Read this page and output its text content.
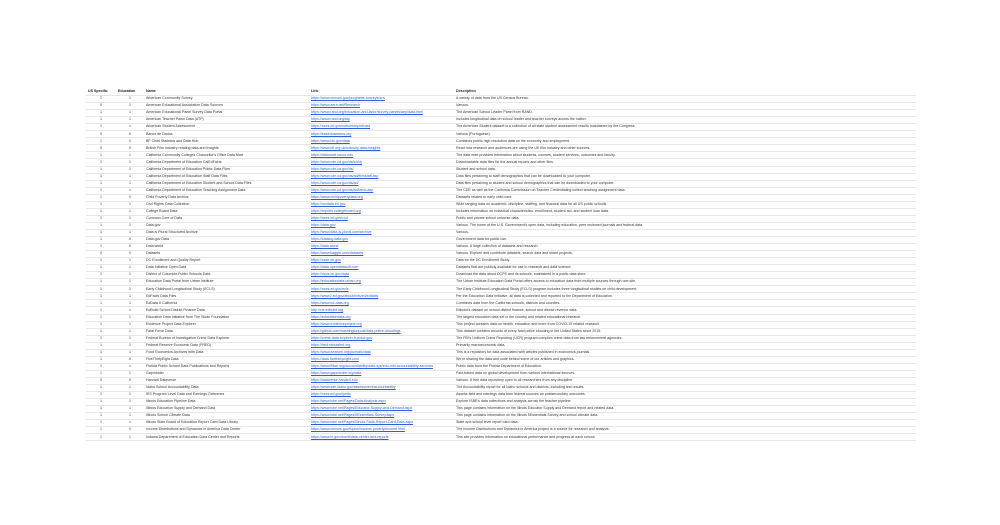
US Specific	Education	Name	Link	Description
1	1	American Community Survey	https://www.census.gov/programs-surveys/acs	A variety of data from the US Census Bureau.
0	1	American Educational Association Data Sources	https://www.aera.net/Research	Various.
1	1	American Educational Panel Survey Data Portal	https://www.rand.org/education-and-labor/survey-panels/aep/data.html	The American School Leader Panel from RAND.
1	1	American Teacher Panel Data (ATP)	https://www.rand.org/atp	Includes longitudinal data on school leader and teacher surveys across the nation.
1	1	American Student Assessment	https://nces.ed.gov/nationsreportcard	The American Student dataset is a collection of all state student assessment results maintained by the Congress.
0	0	Banco de Dados	https://basedosdados.org	Various (Portuguese).
1	0	BF Child Statistics and Data Hub	https://www.bls.gov/data	Combines public high resolution data on the economy and employment.
0	0	British Film Industry reading data and insights	https://www.bfi.org.uk/industry-data-insights	Read how research and audiences are using the UK film industry and other sources.
1	1	California Community Colleges Chancellor's Office Data Mart	https://datamart.cccco.edu	The data mart provides information about students, courses, student services, outcomes and faculty.
1	1	California Department of Education CalEdFacts	https://www.cde.ca.gov/ds/sd/cb	Downloadable data files for the annual reports and other files.
1	1	California Department of Education Public Data Files	https://www.cde.ca.gov/ds/	Student and school data.
1	1	California Department of Education Staff Data Files	https://www.cde.ca.gov/ds/ad/filesstaff.asp	Data files pertaining to staff demographics that can be downloaded to your computer.
1	1	California Department of Education Student and School Data Files	https://www.cde.ca.gov/ds/ad/	Data files pertaining to student and school demographics that can be downloaded to your computer.
1	1	California Department of Education Teaching Assignment Data	https://www.cde.ca.gov/ds/ad/tamo.asp	The CDE as well as the California Commission on Teacher Credentialing collect teaching assignment data.
1	0	Child Poverty Data Archive	https://www.childpovertydata.org	Datasets related to early child care.
1	1	Civil Rights Data Collection	https://ocrdata.ed.gov	Wide ranging data on academic, discipline, staffing, and financial data for all US public schools.
1	1	College Board Data	https://reports.collegeboard.org	Includes information on individual characteristics, enrollment, student aid, and student loan data.
1	1	Common Core of Data	https://nces.ed.gov/ccd	Public and private school universe data.
1	1	Data.gov	https://data.gov	Various. The home of the U.S. Government's open data, including education, peer reviewed journals and federal data.
1	1	Data is Plural Structured Archive	https://www.data-is-plural.com/archive	Various.
1	0	Data.gov Data	https://catalog.data.gov	Government data for public use.
1	0	Data.world	https://data.world	Various. A large collection of datasets and research.
0	0	Datasets	https://www.kaggle.com/datasets	Various. Explore and contribute datasets, search data and share projects.
1	1	DC Enrollment and Quality Report	https://osse.dc.gov	Data for the DC Enrollment Study.
1	1	Data Initiative Open Data	https://data.opendatasoft.com	Datasets that are publicly available for use in research and data science.
1	1	District of Columbia Public Schools Data	https://dcps.dc.gov/data	Download the data about DCPS and its schools, maintained in a public data store.
1	1	Education Data Portal from Urban Institute	https://educationdata.urban.org	The Urban Institute Education Data Portal offers access to education data from multiple sources through one site.
1	1	Early Childhood Longitudinal Study (ECLS)	https://nces.ed.gov/ecls	The Early Childhood Longitudinal Study (ECLS) program includes three longitudinal studies on child development.
1	1	EdFacts Data Files	https://www2.ed.gov/about/inits/ed/edfacts	Per the Education Data Initiative, all data is collected and reported to the Department of Education.
1	1	EdData II California	https://www.ed-data.org	Combines data from the California schools, districts and counties.
1	1	EdBuild School District Finance Data	http://viz.edbuild.org	Edbuild's dataset on school district finance, school and district revenue data.
1	1	Education Data Initiative from The Sloan Foundation	https://educationdata.org	The largest education data set in the country and related educational research.
1	1	Evidence Project Data Explorer	https://www.evidenceproject.org	This project contains data on health, education and more from COVID-19 related research.
1	1	Fatal Force Data	https://github.com/washingtonpost/data-police-shootings	This dataset contains records of every fatal police shooting in the United States since 2015.
1	1	Federal Bureau of Investigation Crime Data Explorer	https://crime-data-explorer.fr.cloud.gov	The FBI's Uniform Crime Reporting (UCR) program compiles crime data from law enforcement agencies.
1	1	Federal Reserve Economic Data (FRED)	https://fred.stlouisfed.org	Primarily macroeconomic data.
1	1	Food Economics Archives with Data	https://www.aeaweb.org/journals/data	This is a repository for data associated with articles published in economics journals.
1	0	FiveThirtyEight Data	https://data.fivethirtyeight.com	We're sharing the data and code behind some of our articles and graphics.
1	1	Florida Public School Data Publications and Reports	https://www.fldoe.org/accountability/data-sys/edu-info-accountability-services	Public data from the Florida Department of Education.
1	1	Gapminder	https://www.gapminder.org/data	Fact-based data on global development from various international sources.
0	0	Harvard Dataverse	https://dataverse.harvard.edu	Various. A free data repository open to all researchers from any discipline.
1	1	Idaho School Accountability Data	https://www.sde.idaho.gov/assessment/accountability	The Accountability report for all Idaho schools and districts, including test results.
1	1	IES Program Level Data and Earnings Outcomes	https://nces.ed.gov/ipeds	Assess field and earnings data from federal sources on postsecondary outcomes.
1	1	Illinois Education Pipeline Data	https://www.isbe.net/Pages/Data-Analysis.aspx	Explore ISBE's data collections and analysis across the teacher pipeline.
1	1	Illinois Education Supply and Demand Data	https://www.isbe.net/Pages/Educator-Supply-and-Demand.aspx	This page contains information on the Illinois Educator Supply and Demand report and related data.
1	1	Illinois School Climate Data	https://www.isbe.net/Pages/5Essentials-Survey.aspx	This page contains information on the Illinois 5Essentials Survey and school climate data.
1	1	Illinois State Board of Education Report Card Data Library	https://www.isbe.net/Pages/Illinois-State-Report-Card-Data.aspx	State and school level report card data.
1	0	Income Distributions and Dynamics in America Data Center	https://www.census.gov/topics/income-poverty/income.html	The Income Distributions and Dynamics in America project is a source for research and analysis.
1	1	Indiana Department of Education Data Center and Reports	https://www.in.gov/doe/it/data-center-and-reports	This site provides information on educational performance and progress at each school.
